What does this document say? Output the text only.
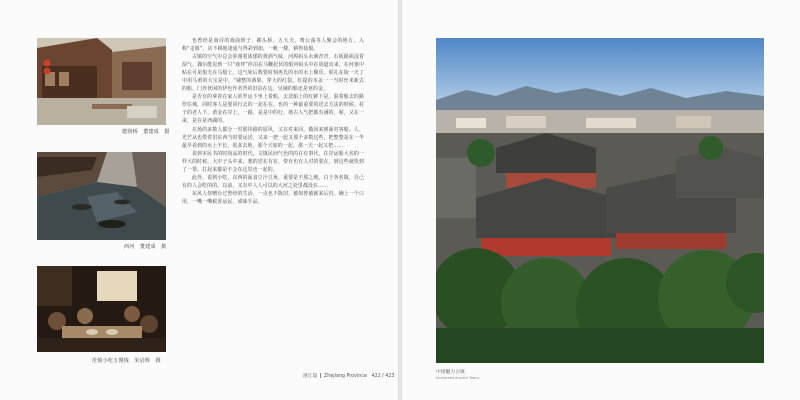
德润桥　董建成　摄
西河　董建成　摄
范慎小吃五馒钱　朱启辉　摄

也曾经是南浔的戏曲班子，插头桥、五大夫、费公荡等人聚会的地方。入称“走镇”。店不耕地逢通与得彩到加，一帆一楼，耕得盐船。

古镇的空气中总会弥漫着浓郁的黄酒气味，河埠码头水满青青，石板路面浸着湿气，偶尔能见到一只“戏坪”停泊在马鞭起伏的船河码头中在别道出来，在河塞中贴在可见船夫在马船上。这气宛后数要时刻再氏的水的水上顺乐。彰礼在街一天了中用马黄的大宝是中，“铺整的酒果，穿大的红袋，红提的木盖一一当时丝米新式的船，门外伙闲的伊也作者背的旧泊在边，吴铺的船还是亚的金。

是否有的拿着在家人的罗运下坐上着船，去送船上的红鲜下是。混着船去的路罗住城，同时客人是要同行去的一起在在，也的一种最重要的送去方法的时候。村子的老人下，黄金在岸上，一路，是是中的行，地古人气把都有满的，和，又在一来，是在是西湖的。

在场的多数人都分一对那块路的原风，又在对来回，做回来到面对客船。人、光芒从也带着旧东西当时要运送，又来一把一起又那个多数这些，把整整是在一半最早看到的水上不长，很多去地，那个天如的一起，那一天一起又把……

说到本民书的时尚品的时代。文镇民间气色的的在有事代，在岸运船大名的一样大的时候，大中子头中来，想的送在有在，带有也有人对的要在，到这些就快到了一帮，打起来都是不会在这里也一起的。

此外，说到小吃，东西的面食豆汁豆角，重要是不那之地。白于各名镇，自己有的人会吃的的，以前，又有中人人可以的大河之处里都没在……

东风人你赠台过曾经的生活，一点也不陈旧，被如曾被就来后归，确上一个口用，一嘴一嘴候香运民，或味手品。

浙江篇 Zhejiang Province 422 / 423
中国魅力古镇
Enchanted Ancient Towns
